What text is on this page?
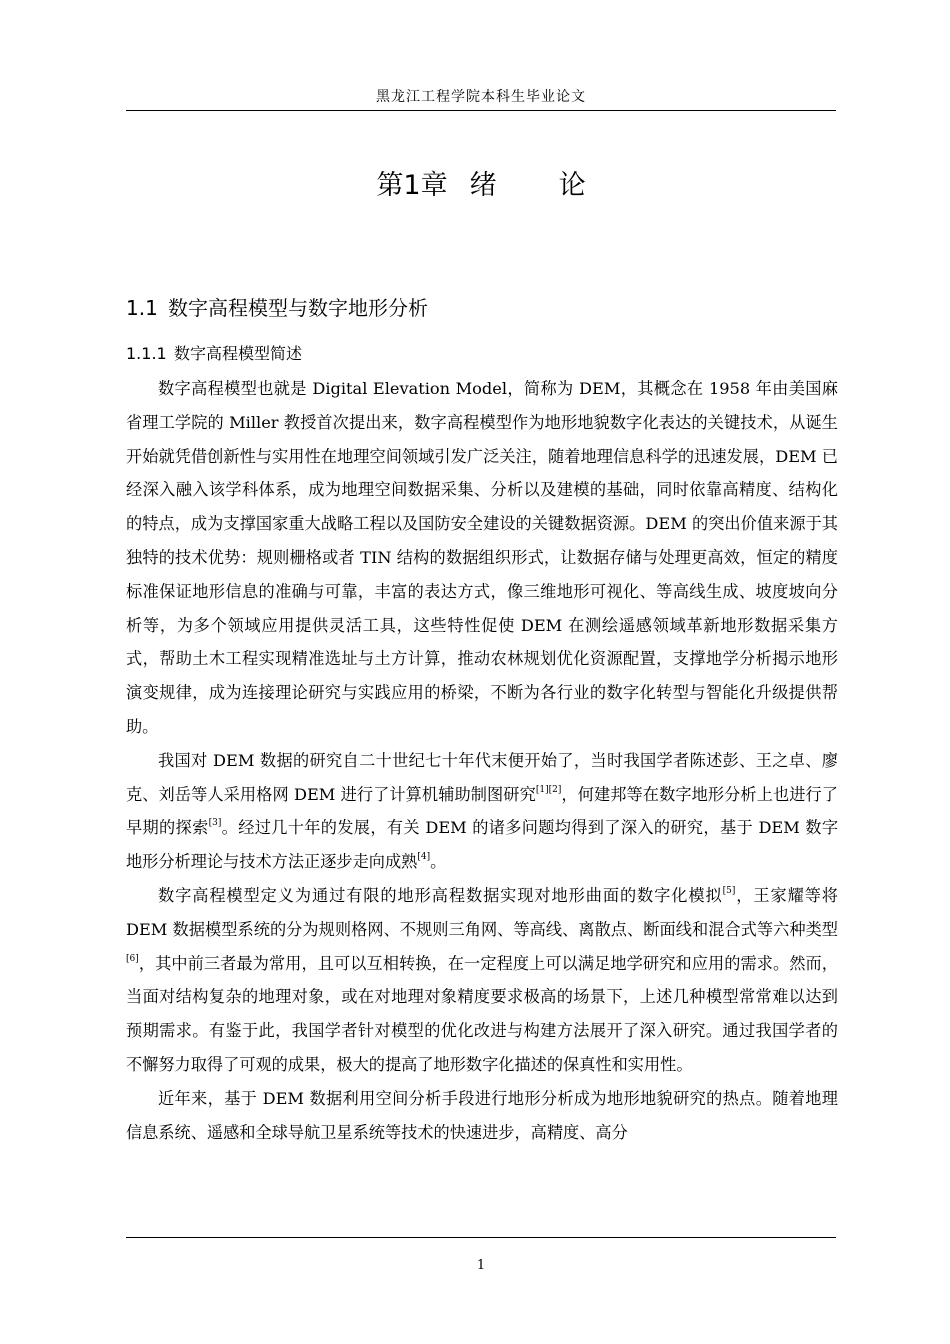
黑龙江工程学院本科生毕业论文
第1章 绪 论
1.1 数字高程模型与数字地形分析
1.1.1 数字高程模型简述

数字高程模型也就是 Digital Elevation Model，简称为 DEM，其概念在 1958 年由美国麻省理工学院的 Miller 教授首次提出来，数字高程模型作为地形地貌数字化表达的关键技术，从诞生开始就凭借创新性与实用性在地理空间领域引发广泛关注，随着地理信息科学的迅速发展，DEM 已经深入融入该学科体系，成为地理空间数据采集、分析以及建模的基础，同时依靠高精度、结构化的特点，成为支撑国家重大战略工程以及国防安全建设的关键数据资源。DEM 的突出价值来源于其独特的技术优势：规则栅格或者 TIN 结构的数据组织形式，让数据存储与处理更高效，恒定的精度标准保证地形信息的准确与可靠，丰富的表达方式，像三维地形可视化、等高线生成、坡度坡向分析等，为多个领域应用提供灵活工具，这些特性促使 DEM 在测绘遥感领域革新地形数据采集方式，帮助土木工程实现精准选址与土方计算，推动农林规划优化资源配置，支撑地学分析揭示地形演变规律，成为连接理论研究与实践应用的桥梁，不断为各行业的数字化转型与智能化升级提供帮助。

我国对 DEM 数据的研究自二十世纪七十年代末便开始了，当时我国学者陈述彭、王之卓、廖克、刘岳等人采用格网 DEM 进行了计算机辅助制图研究[1][2]，何建邦等在数字地形分析上也进行了早期的探索[3]。经过几十年的发展，有关 DEM 的诸多问题均得到了深入的研究，基于 DEM 数字地形分析理论与技术方法正逐步走向成熟[4]。

数字高程模型定义为通过有限的地形高程数据实现对地形曲面的数字化模拟[5]，王家耀等将 DEM 数据模型系统的分为规则格网、不规则三角网、等高线、离散点、断面线和混合式等六种类型[6]，其中前三者最为常用，且可以互相转换，在一定程度上可以满足地学研究和应用的需求。然而，当面对结构复杂的地理对象，或在对地理对象精度要求极高的场景下，上述几种模型常常难以达到预期需求。有鉴于此，我国学者针对模型的优化改进与构建方法展开了深入研究。通过我国学者的不懈努力取得了可观的成果，极大的提高了地形数字化描述的保真性和实用性。

近年来，基于 DEM 数据利用空间分析手段进行地形分析成为地形地貌研究的热点。随着地理信息系统、遥感和全球导航卫星系统等技术的快速进步，高精度、高分

1
